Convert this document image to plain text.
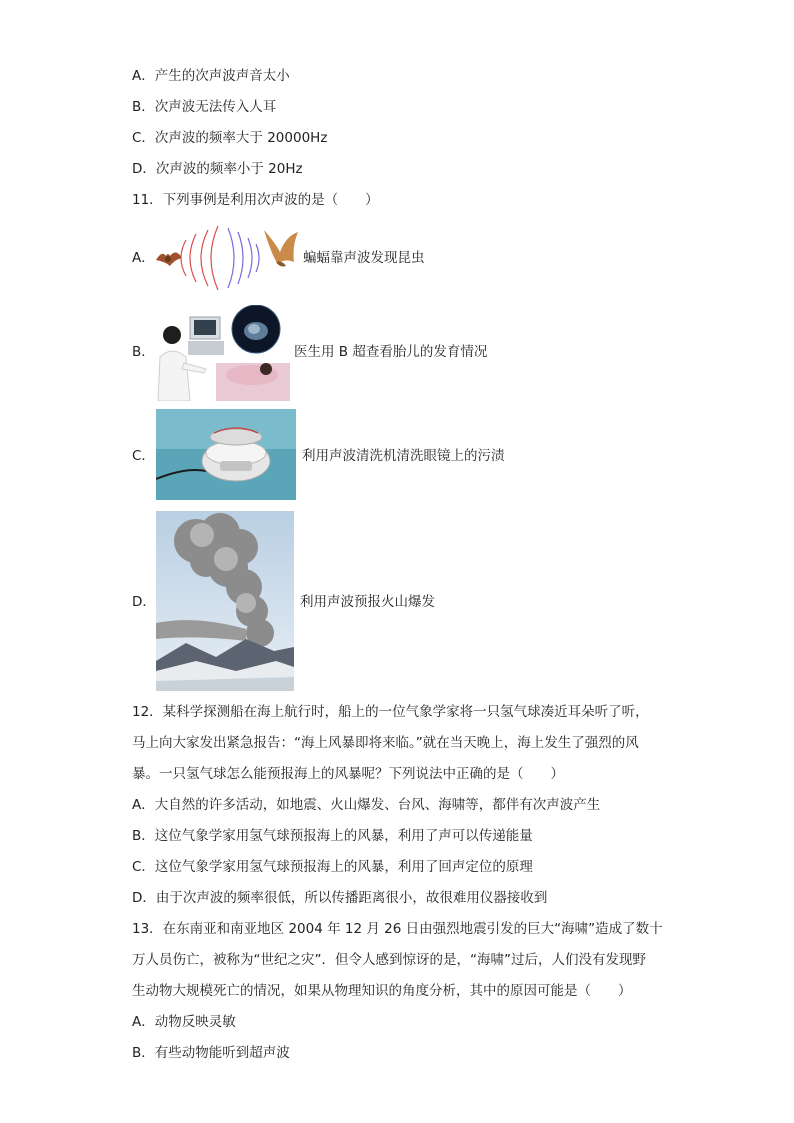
A．产生的次声波声音太小
B．次声波无法传入人耳
C．次声波的频率大于 20000Hz
D．次声波的频率小于 20Hz
11．下列事例是利用次声波的是（　　）
A．	蝙蝠靠声波发现昆虫
B．	医生用 B 超查看胎儿的发育情况
C．	利用声波清洗机清洗眼镜上的污渍
D．	利用声波预报火山爆发
12．某科学探测船在海上航行时，船上的一位气象学家将一只氢气球凑近耳朵听了听，
马上向大家发出紧急报告：“海上风暴即将来临。”就在当天晚上，海上发生了强烈的风
暴。一只氢气球怎么能预报海上的风暴呢？下列说法中正确的是（　　）
A．大自然的许多活动，如地震、火山爆发、台风、海啸等，都伴有次声波产生
B．这位气象学家用氢气球预报海上的风暴，利用了声可以传递能量
C．这位气象学家用氢气球预报海上的风暴，利用了回声定位的原理
D．由于次声波的频率很低，所以传播距离很小，故很难用仪器接收到
13．在东南亚和南亚地区 2004 年 12 月 26 日由强烈地震引发的巨大“海啸”造成了数十
万人员伤亡，被称为“世纪之灾”．但令人感到惊讶的是，“海啸”过后，人们没有发现野
生动物大规模死亡的情况，如果从物理知识的角度分析，其中的原因可能是（　　）
A．动物反映灵敏
B．有些动物能听到超声波
